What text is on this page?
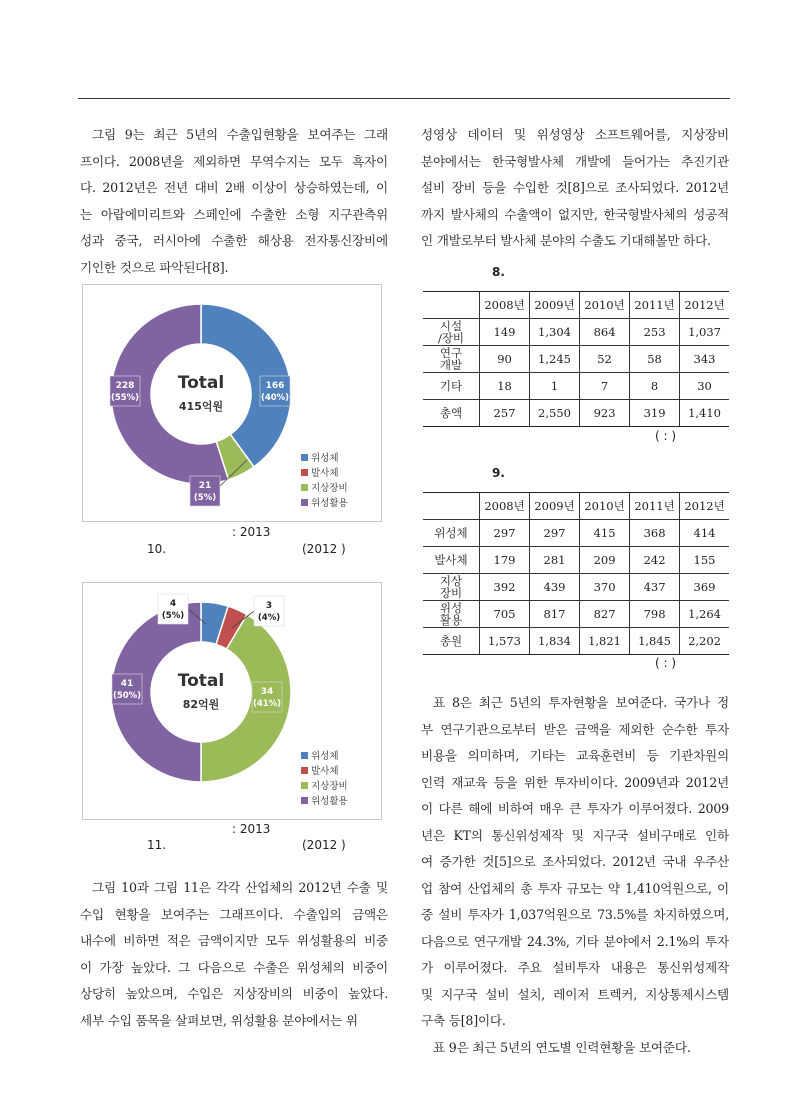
그림 9는 최근 5년의 수출입현황을 보여주는 그래
프이다. 2008년을 제외하면 무역수지는 모두 흑자이
다. 2012년은 전년 대비 2배 이상이 상승하였는데, 이
는 아랍에미리트와 스페인에 수출한 소형 지구관측위
성과 중국, 러시아에 수출한 해상용 전자통신장비에
기인한 것으로 파악된다[8].
성영상 데이터 및 위성영상 소프트웨어를, 지상장비
분야에서는 한국형발사체 개발에 들어가는 추진기관
설비 장비 등을 수입한 것[8]으로 조사되었다. 2012년
까지 발사체의 수출액이 없지만, 한국형발사체의 성공적
인 개발로부터 발사체 분야의 수출도 기대해볼만 하다.
Total
415억원
166
(40%)
228
(55%)
21
(5%)
위성체
발사체
지상장비
위성활용
: 2013
10.	(2012 )
Total
82억원
4
(5%)
3
(4%)
34
(41%)
41
(50%)
위성체
발사체
지상장비
위성활용
: 2013
11.	(2012 )
그림 10과 그림 11은 각각 산업체의 2012년 수출 및
수입 현황을 보여주는 그래프이다. 수출입의 금액은
내수에 비하면 적은 금액이지만 모두 위성활용의 비중
이 가장 높았다. 그 다음으로 수출은 위성체의 비중이
상당히 높았으며, 수입은 지상장비의 비중이 높았다.
세부 수입 품목을 살펴보면, 위성활용 분야에서는 위
8.
	2008년	2009년	2010년	2011년	2012년

시설
/장비	149	1,304	864	253	1,037

연구
개발	90	1,245	52	58	343

기타	18	1	7	8	30

총액	257	2,550	923	319	1,410
( : )
9.
	2008년	2009년	2010년	2011년	2012년

위성체	297	297	415	368	414

발사체	179	281	209	242	155

지상
장비	392	439	370	437	369

위성
활용	705	817	827	798	1,264

총원	1,573	1,834	1,821	1,845	2,202
( : )
표 8은 최근 5년의 투자현황을 보여준다. 국가나 정
부 연구기관으로부터 받은 금액을 제외한 순수한 투자
비용을 의미하며, 기타는 교육훈련비 등 기관차원의
인력 재교육 등을 위한 투자비이다. 2009년과 2012년
이 다른 해에 비하여 매우 큰 투자가 이루어졌다. 2009
년은 KT의 통신위성제작 및 지구국 설비구매로 인하
여 증가한 것[5]으로 조사되었다. 2012년 국내 우주산
업 참여 산업체의 총 투자 규모는 약 1,410억원으로, 이
중 설비 투자가 1,037억원으로 73.5%를 차지하였으며,
다음으로 연구개발 24.3%, 기타 분야에서 2.1%의 투자
가 이루어졌다. 주요 설비투자 내용은 통신위성제작
및 지구국 설비 설치, 레이저 트렉커, 지상통제시스템
구축 등[8]이다.
표 9은 최근 5년의 연도별 인력현황을 보여준다.
